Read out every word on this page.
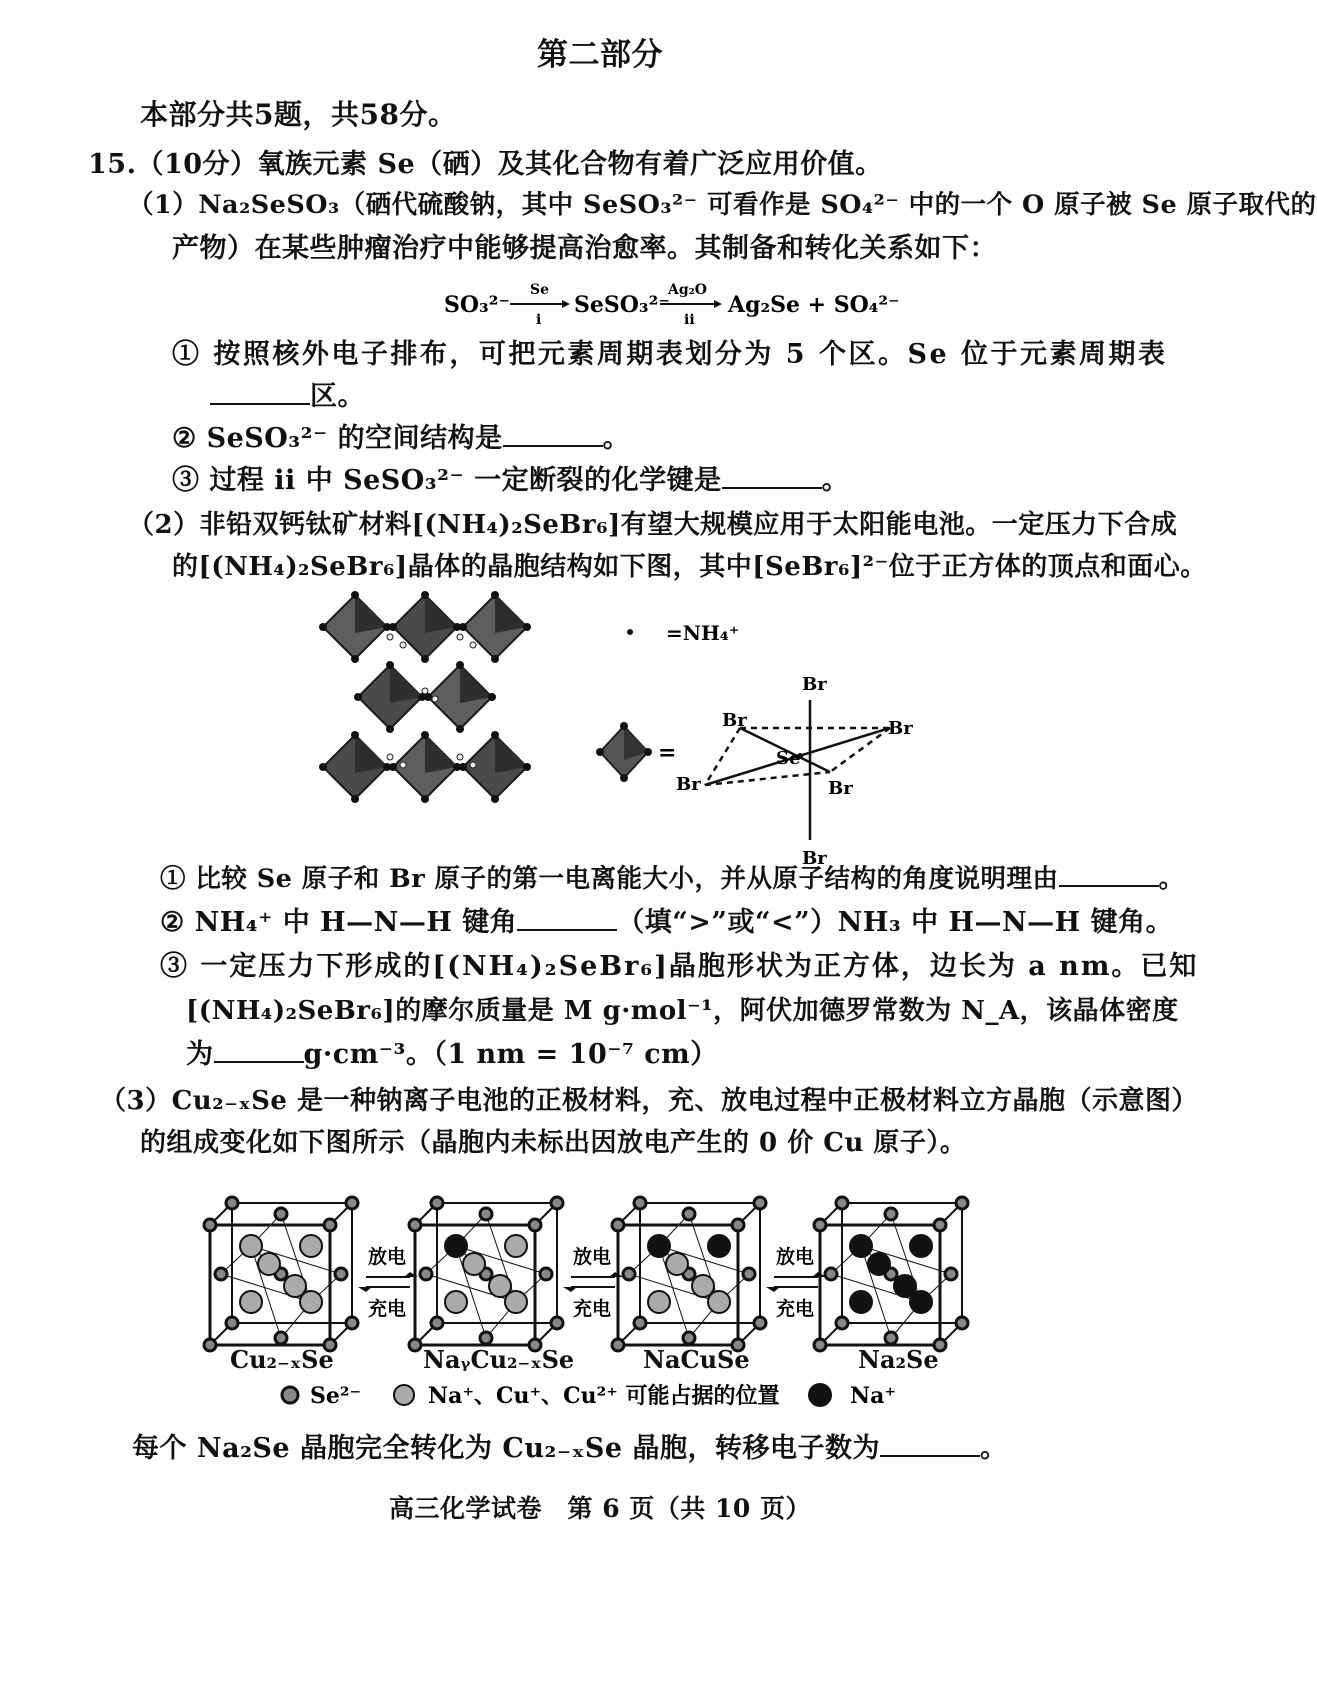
第二部分
本部分共5题，共58分。
15.（10分）氧族元素 Se（硒）及其化合物有着广泛应用价值。
（1）Na₂SeSO₃（硒代硫酸钠，其中 SeSO₃²⁻ 可看作是 SO₄²⁻ 中的一个 O 原子被 Se 原子取代的
产物）在某些肿瘤治疗中能够提高治愈率。其制备和转化关系如下：
SO₃²⁻
Se
i
SeSO₃²⁻
Ag₂O
ii
Ag₂Se + SO₄²⁻
① 按照核外电子排布，可把元素周期表划分为 5 个区。Se 位于元素周期表
区。
② SeSO₃²⁻ 的空间结构是	。
③ 过程 ii 中 SeSO₃²⁻ 一定断裂的化学键是	。
（2）非铅双钙钛矿材料[(NH₄)₂SeBr₆]有望大规模应用于太阳能电池。一定压力下合成
的[(NH₄)₂SeBr₆]晶体的晶胞结构如下图，其中[SeBr₆]²⁻位于正方体的顶点和面心。
=NH₄⁺
=
Br
Br	Br
Se
Br	Br
Br
① 比较 Se 原子和 Br 原子的第一电离能大小，并从原子结构的角度说明理由	。
② NH₄⁺ 中 H—N—H 键角	（填“>”或“<”）NH₃ 中 H—N—H 键角。
③ 一定压力下形成的[(NH₄)₂SeBr₆]晶胞形状为正方体，边长为 a nm。已知
[(NH₄)₂SeBr₆]的摩尔质量是 M g·mol⁻¹，阿伏加德罗常数为 N_A，该晶体密度
为	g·cm⁻³。（1 nm = 10⁻⁷ cm）
（3）Cu₂₋ₓSe 是一种钠离子电池的正极材料，充、放电过程中正极材料立方晶胞（示意图）
的组成变化如下图所示（晶胞内未标出因放电产生的 0 价 Cu 原子）。
放电
充电
放电
充电
放电
充电
Cu₂₋ₓSe	NaᵧCu₂₋ₓSe	NaCuSe	Na₂Se
Se²⁻	Na⁺、Cu⁺、Cu²⁺ 可能占据的位置	Na⁺
每个 Na₂Se 晶胞完全转化为 Cu₂₋ₓSe 晶胞，转移电子数为	。
高三化学试卷　第 6 页（共 10 页）
